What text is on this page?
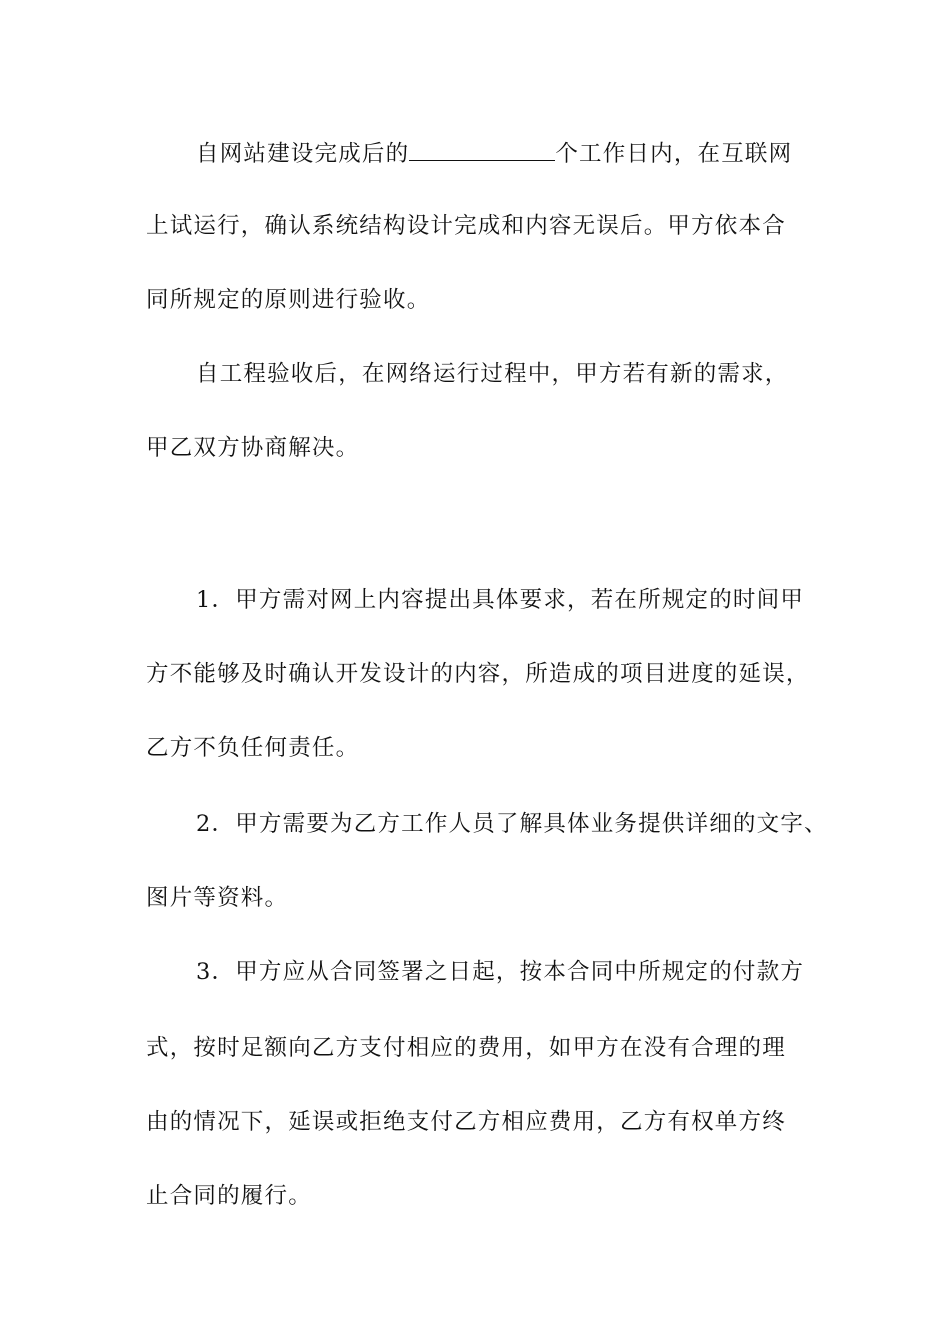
自网站建设完成后的	个工作日内，在互联网
上试运行，确认系统结构设计完成和内容无误后。甲方依本合
同所规定的原则进行验收。
自工程验收后，在网络运行过程中，甲方若有新的需求，
甲乙双方协商解决。
1．甲方需对网上内容提出具体要求，若在所规定的时间甲
方不能够及时确认开发设计的内容，所造成的项目进度的延误，
乙方不负任何责任。
2．甲方需要为乙方工作人员了解具体业务提供详细的文字、
图片等资料。
3．甲方应从合同签署之日起，按本合同中所规定的付款方
式，按时足额向乙方支付相应的费用，如甲方在没有合理的理
由的情况下，延误或拒绝支付乙方相应费用，乙方有权单方终
止合同的履行。
